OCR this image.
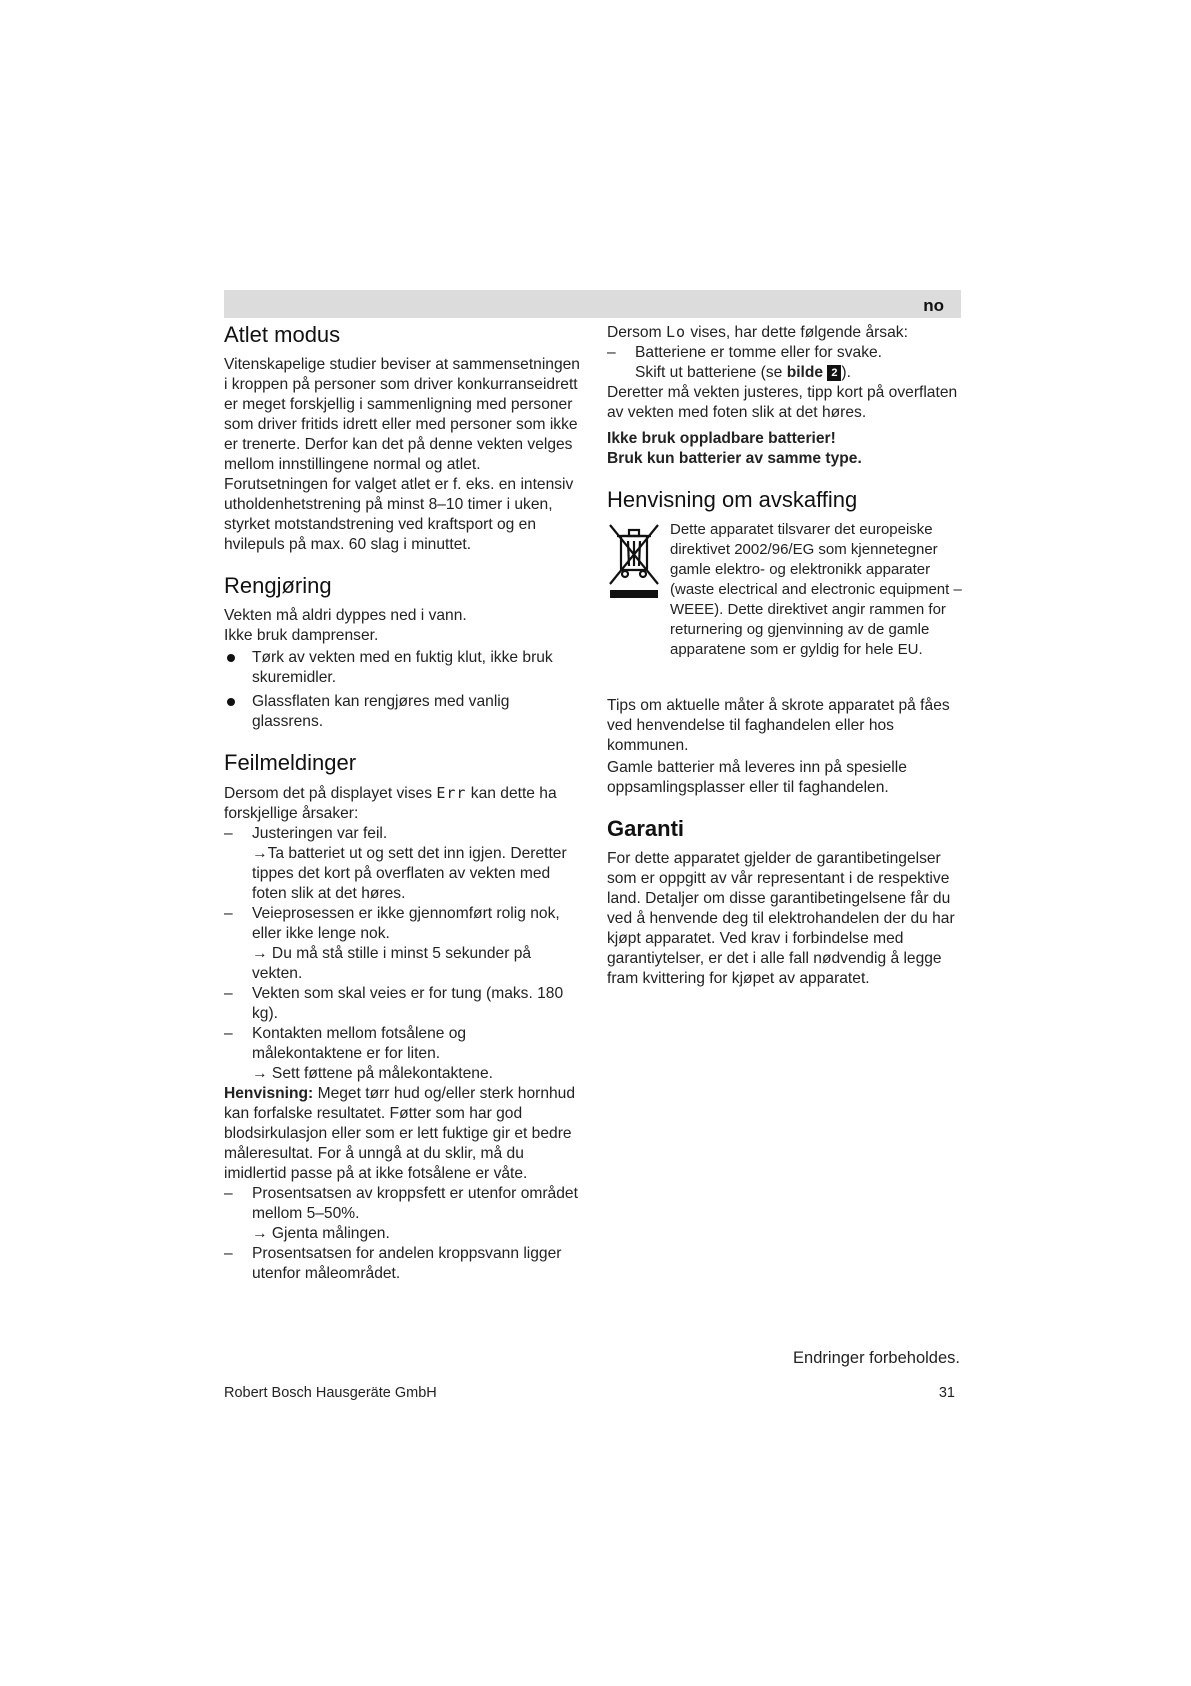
no
Atlet modus

Vitenskapelige studier beviser at sammensetningen i kroppen på personer som driver konkurranseidrett er meget forskjellig i sammenligning med personer som driver fritids idrett eller med personer som ikke er trenerte. Derfor kan det på denne vekten velges mellom innstillingene normal og atlet. Forutsetningen for valget atlet er f. eks. en intensiv utholdenhetstrening på minst 8–10 timer i uken, styrket motstandstrening ved kraftsport og en hvilepuls på max. 60 slag i minuttet.

Rengjøring

Vekten må aldri dyppes ned i vann.

Ikke bruk damprenser.

Tørk av vekten med en fuktig klut, ikke bruk skuremidler.
Glassflaten kan rengjøres med vanlig glassrens.
Feilmeldinger

Dersom det på displayet vises Err kan dette ha forskjellige årsaker:

– Justeringen var feil.
→Ta batteriet ut og sett det inn igjen. Deretter tippes det kort på overflaten av vekten med foten slik at det høres.
– Veieprosessen er ikke gjennomført rolig nok, eller ikke lenge nok.
→ Du må stå stille i minst 5 sekunder på vekten.
– Vekten som skal veies er for tung (maks. 180 kg).
– Kontakten mellom fotsålene og målekontaktene er for liten.
→ Sett føttene på målekontaktene.

Henvisning: Meget tørr hud og/eller sterk hornhud kan forfalske resultatet. Føtter som har god blodsirkulasjon eller som er lett fuktige gir et bedre måleresultat. For å unngå at du sklir, må du imidlertid passe på at ikke fotsålene er våte.

– Prosentsatsen av kroppsfett er utenfor området mellom 5–50%.
→ Gjenta målingen.
– Prosentsatsen for andelen kroppsvann ligger utenfor måleområdet.

Dersom Lo vises, har dette følgende årsak:

– Batteriene er tomme eller for svake.
Skift ut batteriene (se bilde 2 ).

Deretter må vekten justeres, tipp kort på overflaten av vekten med foten slik at det høres.

Ikke bruk oppladbare batterier!

Bruk kun batterier av samme type.

Henvisning om avskaffing

Dette apparatet tilsvarer det europeiske direktivet 2002/96/EG som kjennetegner gamle elektro- og elektronikk apparater (waste electrical and electronic equipment – WEEE). Dette direktivet angir rammen for returnering og gjenvinning av de gamle apparatene som er gyldig for hele EU.

Tips om aktuelle måter å skrote apparatet på fåes ved henvendelse til faghandelen eller hos kommunen.

Gamle batterier må leveres inn på spesielle oppsamlingsplasser eller til faghandelen.

Garanti

For dette apparatet gjelder de garantibetingelser som er oppgitt av vår representant i de respektive land. Detaljer om disse garantibetingelsene får du ved å henvende deg til elektrohandelen der du har kjøpt apparatet. Ved krav i forbindelse med garantiytelser, er det i alle fall nødvendig å legge fram kvittering for kjøpet av apparatet.

Endringer forbeholdes.
Robert Bosch Hausgeräte GmbH	31
